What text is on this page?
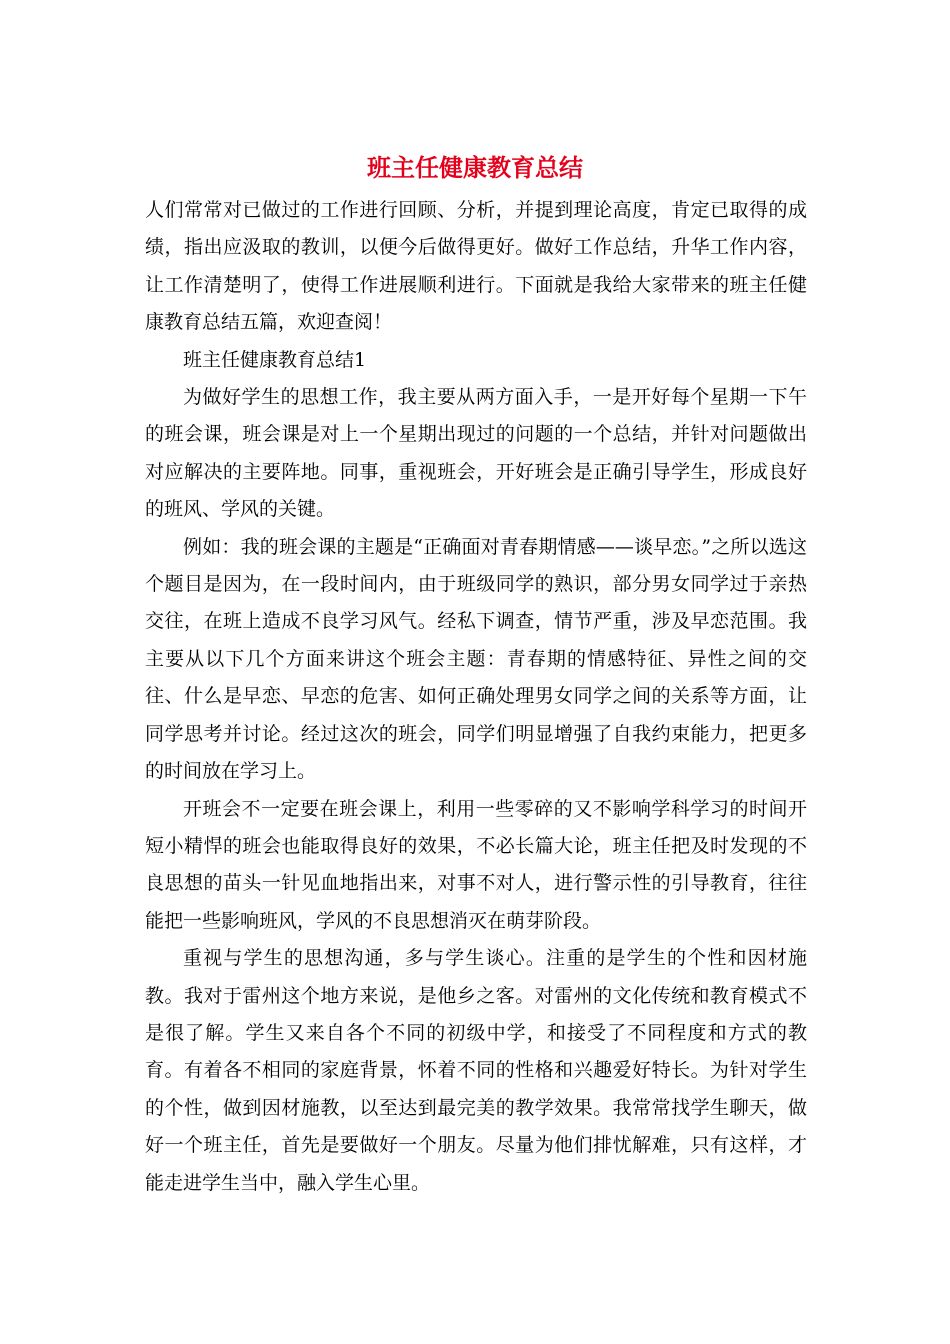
班主任健康教育总结

人们常常对已做过的工作进行回顾、分析，并提到理论高度，肯定已取得的成绩，指出应汲取的教训，以便今后做得更好。做好工作总结，升华工作内容，让工作清楚明了，使得工作进展顺利进行。下面就是我给大家带来的班主任健康教育总结五篇，欢迎查阅！

班主任健康教育总结1

为做好学生的思想工作，我主要从两方面入手，一是开好每个星期一下午的班会课，班会课是对上一个星期出现过的问题的一个总结，并针对问题做出对应解决的主要阵地。同事，重视班会，开好班会是正确引导学生，形成良好的班风、学风的关键。

例如：我的班会课的主题是“正确面对青春期情感——谈早恋。”之所以选这个题目是因为，在一段时间内，由于班级同学的熟识，部分男女同学过于亲热交往，在班上造成不良学习风气。经私下调查，情节严重，涉及早恋范围。我主要从以下几个方面来讲这个班会主题：青春期的情感特征、异性之间的交往、什么是早恋、早恋的危害、如何正确处理男女同学之间的关系等方面，让同学思考并讨论。经过这次的班会，同学们明显增强了自我约束能力，把更多的时间放在学习上。

开班会不一定要在班会课上，利用一些零碎的又不影响学科学习的时间开短小精悍的班会也能取得良好的效果，不必长篇大论，班主任把及时发现的不良思想的苗头一针见血地指出来，对事不对人，进行警示性的引导教育，往往能把一些影响班风，学风的不良思想消灭在萌芽阶段。

重视与学生的思想沟通，多与学生谈心。注重的是学生的个性和因材施教。我对于雷州这个地方来说，是他乡之客。对雷州的文化传统和教育模式不是很了解。学生又来自各个不同的初级中学，和接受了不同程度和方式的教育。有着各不相同的家庭背景，怀着不同的性格和兴趣爱好特长。为针对学生的个性，做到因材施教，以至达到最完美的教学效果。我常常找学生聊天，做好一个班主任，首先是要做好一个朋友。尽量为他们排忧解难，只有这样，才能走进学生当中，融入学生心里。
